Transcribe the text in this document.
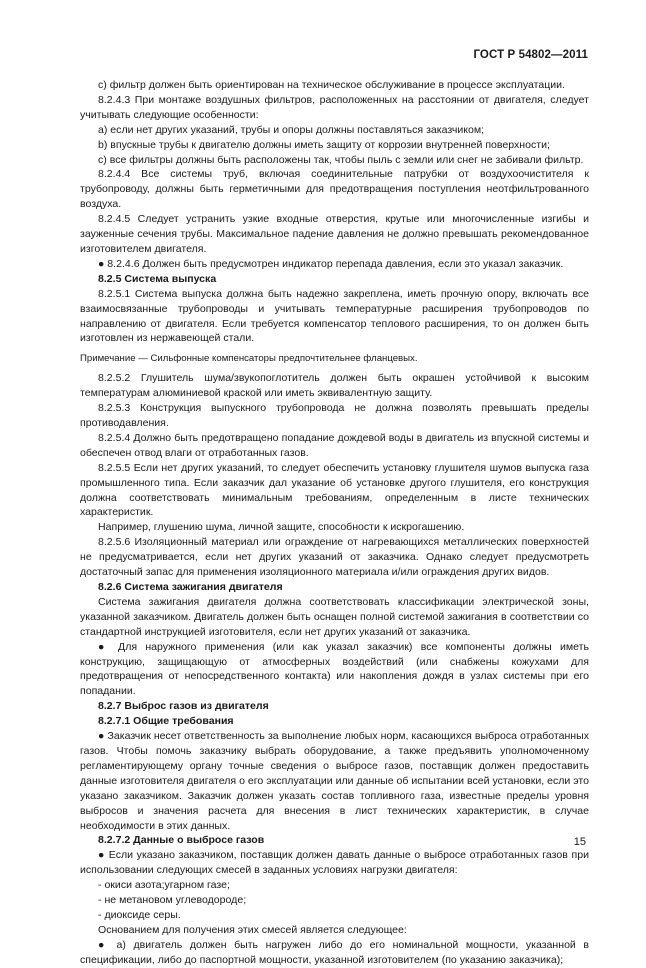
ГОСТ Р 54802—2011

c) фильтр должен быть ориентирован на техническое обслуживание в процессе эксплуатации.

8.2.4.3 При монтаже воздушных фильтров, расположенных на расстоянии от двигателя, следует учитывать следующие особенности:

a) если нет других указаний, трубы и опоры должны поставляться заказчиком;

b) впускные трубы к двигателю должны иметь защиту от коррозии внутренней поверхности;

c) все фильтры должны быть расположены так, чтобы пыль с земли или снег не забивали фильтр.

8.2.4.4 Все системы труб, включая соединительные патрубки от воздухоочистителя к трубопроводу, должны быть герметичными для предотвращения поступления неотфильтрованного воздуха.

8.2.4.5 Следует устранить узкие входные отверстия, крутые или многочисленные изгибы и зауженные сечения трубы. Максимальное падение давления не должно превышать рекомендованное изготовителем двигателя.

● 8.2.4.6 Должен быть предусмотрен индикатор перепада давления, если это указал заказчик.

8.2.5 Система выпуска

8.2.5.1 Система выпуска должна быть надежно закреплена, иметь прочную опору, включать все взаимосвязанные трубопроводы и учитывать температурные расширения трубопроводов по направлению от двигателя. Если требуется компенсатор теплового расширения, то он должен быть изготовлен из нержавеющей стали.

Примечание — Сильфонные компенсаторы предпочтительнее фланцевых.

8.2.5.2 Глушитель шума/звукопоглотитель должен быть окрашен устойчивой к высоким температурам алюминиевой краской или иметь эквивалентную защиту.

8.2.5.3 Конструкция выпускного трубопровода не должна позволять превышать пределы противодавления.

8.2.5.4 Должно быть предотвращено попадание дождевой воды в двигатель из впускной системы и обеспечен отвод влаги от отработанных газов.

8.2.5.5 Если нет других указаний, то следует обеспечить установку глушителя шумов выпуска газа промышленного типа. Если заказчик дал указание об установке другого глушителя, его конструкция должна соответствовать минимальным требованиям, определенным в листе технических характеристик.

Например, глушению шума, личной защите, способности к искрогашению.

8.2.5.6 Изоляционный материал или ограждение от нагревающихся металлических поверхностей не предусматривается, если нет других указаний от заказчика. Однако следует предусмотреть достаточный запас для применения изоляционного материала и/или ограждения других видов.

8.2.6 Система зажигания двигателя

Система зажигания двигателя должна соответствовать классификации электрической зоны, указанной заказчиком. Двигатель должен быть оснащен полной системой зажигания в соответствии со стандартной инструкцией изготовителя, если нет других указаний от заказчика.

● Для наружного применения (или как указал заказчик) все компоненты должны иметь конструкцию, защищающую от атмосферных воздействий (или снабжены кожухами для предотвращения от непосредственного контакта) или накопления дождя в узлах системы при его попадании.

8.2.7 Выброс газов из двигателя

8.2.7.1 Общие требования

● Заказчик несет ответственность за выполнение любых норм, касающихся выброса отработанных газов. Чтобы помочь заказчику выбрать оборудование, а также предъявить уполномоченному регламентирующему органу точные сведения о выбросе газов, поставщик должен предоставить данные изготовителя двигателя о его эксплуатации или данные об испытании всей установки, если это указано заказчиком. Заказчик должен указать состав топливного газа, известные пределы уровня выбросов и значения расчета для внесения в лист технических характеристик, в случае необходимости в этих данных.

8.2.7.2 Данные о выбросе газов

● Если указано заказчиком, поставщик должен давать данные о выбросе отработанных газов при использовании следующих смесей в заданных условиях нагрузки двигателя:

- окиси азота;угарном газе;

- не метановом углеводороде;

- диоксиде серы.

Основанием для получения этих смесей является следующее:

● a) двигатель должен быть нагружен либо до его номинальной мощности, указанной в спецификации, либо до паспортной мощности, указанной изготовителем (по указанию заказчика);

15
